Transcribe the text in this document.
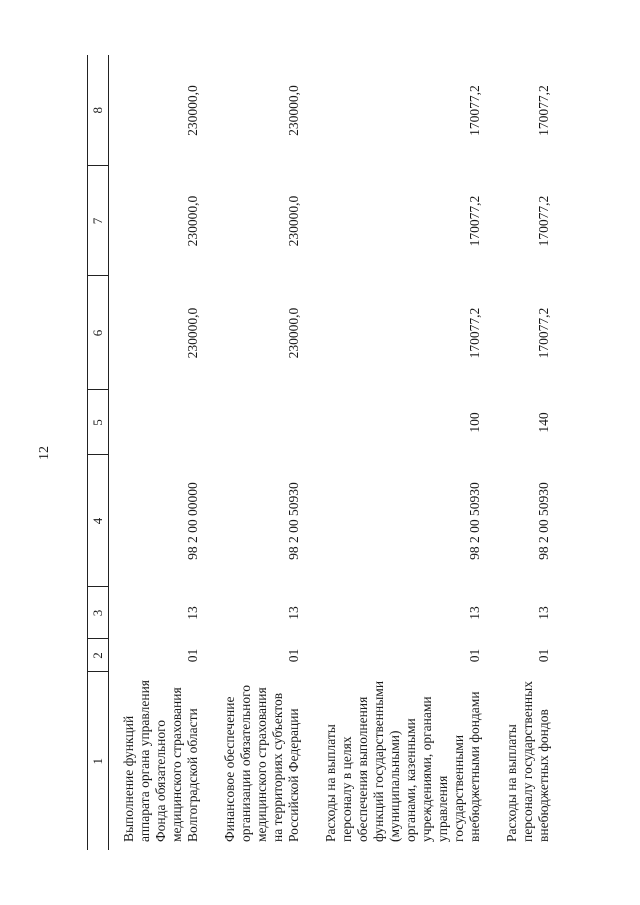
12
1	2	3	4	5	6	7	8
Выполнение функций аппарата органа управления Фонда обязательного медицинского страхования Волгоградской области	01	13	98 2 00 00000		230000,0	230000,0	230000,0
Финансовое обеспечение организации обязательного медицинского страхования на территориях субъектов Российской Федерации	01	13	98 2 00 50930		230000,0	230000,0	230000,0
Расходы на выплаты персоналу в целях обеспечения выполнения функций государственными (муниципальными) органами, казенными учреждениями, органами управления государственными внебюджетными фондами	01	13	98 2 00 50930	100	170077,2	170077,2	170077,2
Расходы на выплаты персоналу государственных внебюджетных фондов	01	13	98 2 00 50930	140	170077,2	170077,2	170077,2
